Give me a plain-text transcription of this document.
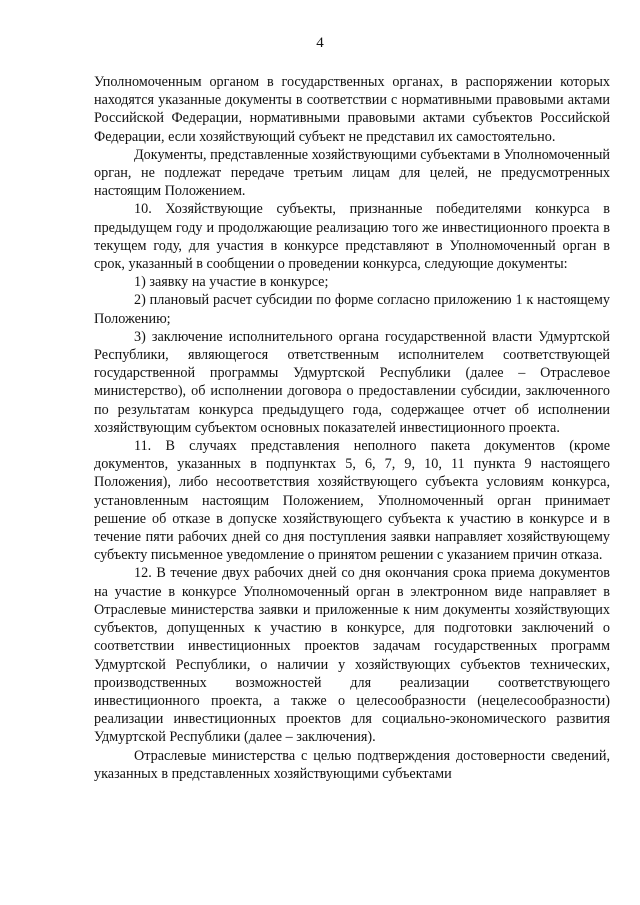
4

Уполномоченным органом в государственных органах, в распоряжении которых находятся указанные документы в соответствии с нормативными правовыми актами Российской Федерации, нормативными правовыми актами субъектов Российской Федерации, если хозяйствующий субъект не представил их самостоятельно.

Документы, представленные хозяйствующими субъектами в Уполномоченный орган, не подлежат передаче третьим лицам для целей, не предусмотренных настоящим Положением.

10. Хозяйствующие субъекты, признанные победителями конкурса в предыдущем году и продолжающие реализацию того же инвестиционного проекта в текущем году, для участия в конкурсе представляют в Уполномоченный орган в срок, указанный в сообщении о проведении конкурса, следующие документы:

1) заявку на участие в конкурсе;

2) плановый расчет субсидии по форме согласно приложению 1 к настоящему Положению;

3) заключение исполнительного органа государственной власти Удмуртской Республики, являющегося ответственным исполнителем соответствующей государственной программы Удмуртской Республики (далее – Отраслевое министерство), об исполнении договора о предоставлении субсидии, заключенного по результатам конкурса предыдущего года, содержащее отчет об исполнении хозяйствующим субъектом основных показателей инвестиционного проекта.

11. В случаях представления неполного пакета документов (кроме документов, указанных в подпунктах 5, 6, 7, 9, 10, 11 пункта 9 настоящего Положения), либо несоответствия хозяйствующего субъекта условиям конкурса, установленным настоящим Положением, Уполномоченный орган принимает решение об отказе в допуске хозяйствующего субъекта к участию в конкурсе и в течение пяти рабочих дней со дня поступления заявки направляет хозяйствующему субъекту письменное уведомление о принятом решении с указанием причин отказа.

12. В течение двух рабочих дней со дня окончания срока приема документов на участие в конкурсе Уполномоченный орган в электронном виде направляет в Отраслевые министерства заявки и приложенные к ним документы хозяйствующих субъектов, допущенных к участию в конкурсе, для подготовки заключений о соответствии инвестиционных проектов задачам государственных программ Удмуртской Республики, о наличии у хозяйствующих субъектов технических, производственных возможностей для реализации соответствующего инвестиционного проекта, а также о целесообразности (нецелесообразности) реализации инвестиционных проектов для социально-экономического развития Удмуртской Республики (далее – заключения).

Отраслевые министерства с целью подтверждения достоверности сведений, указанных в представленных хозяйствующими субъектами
